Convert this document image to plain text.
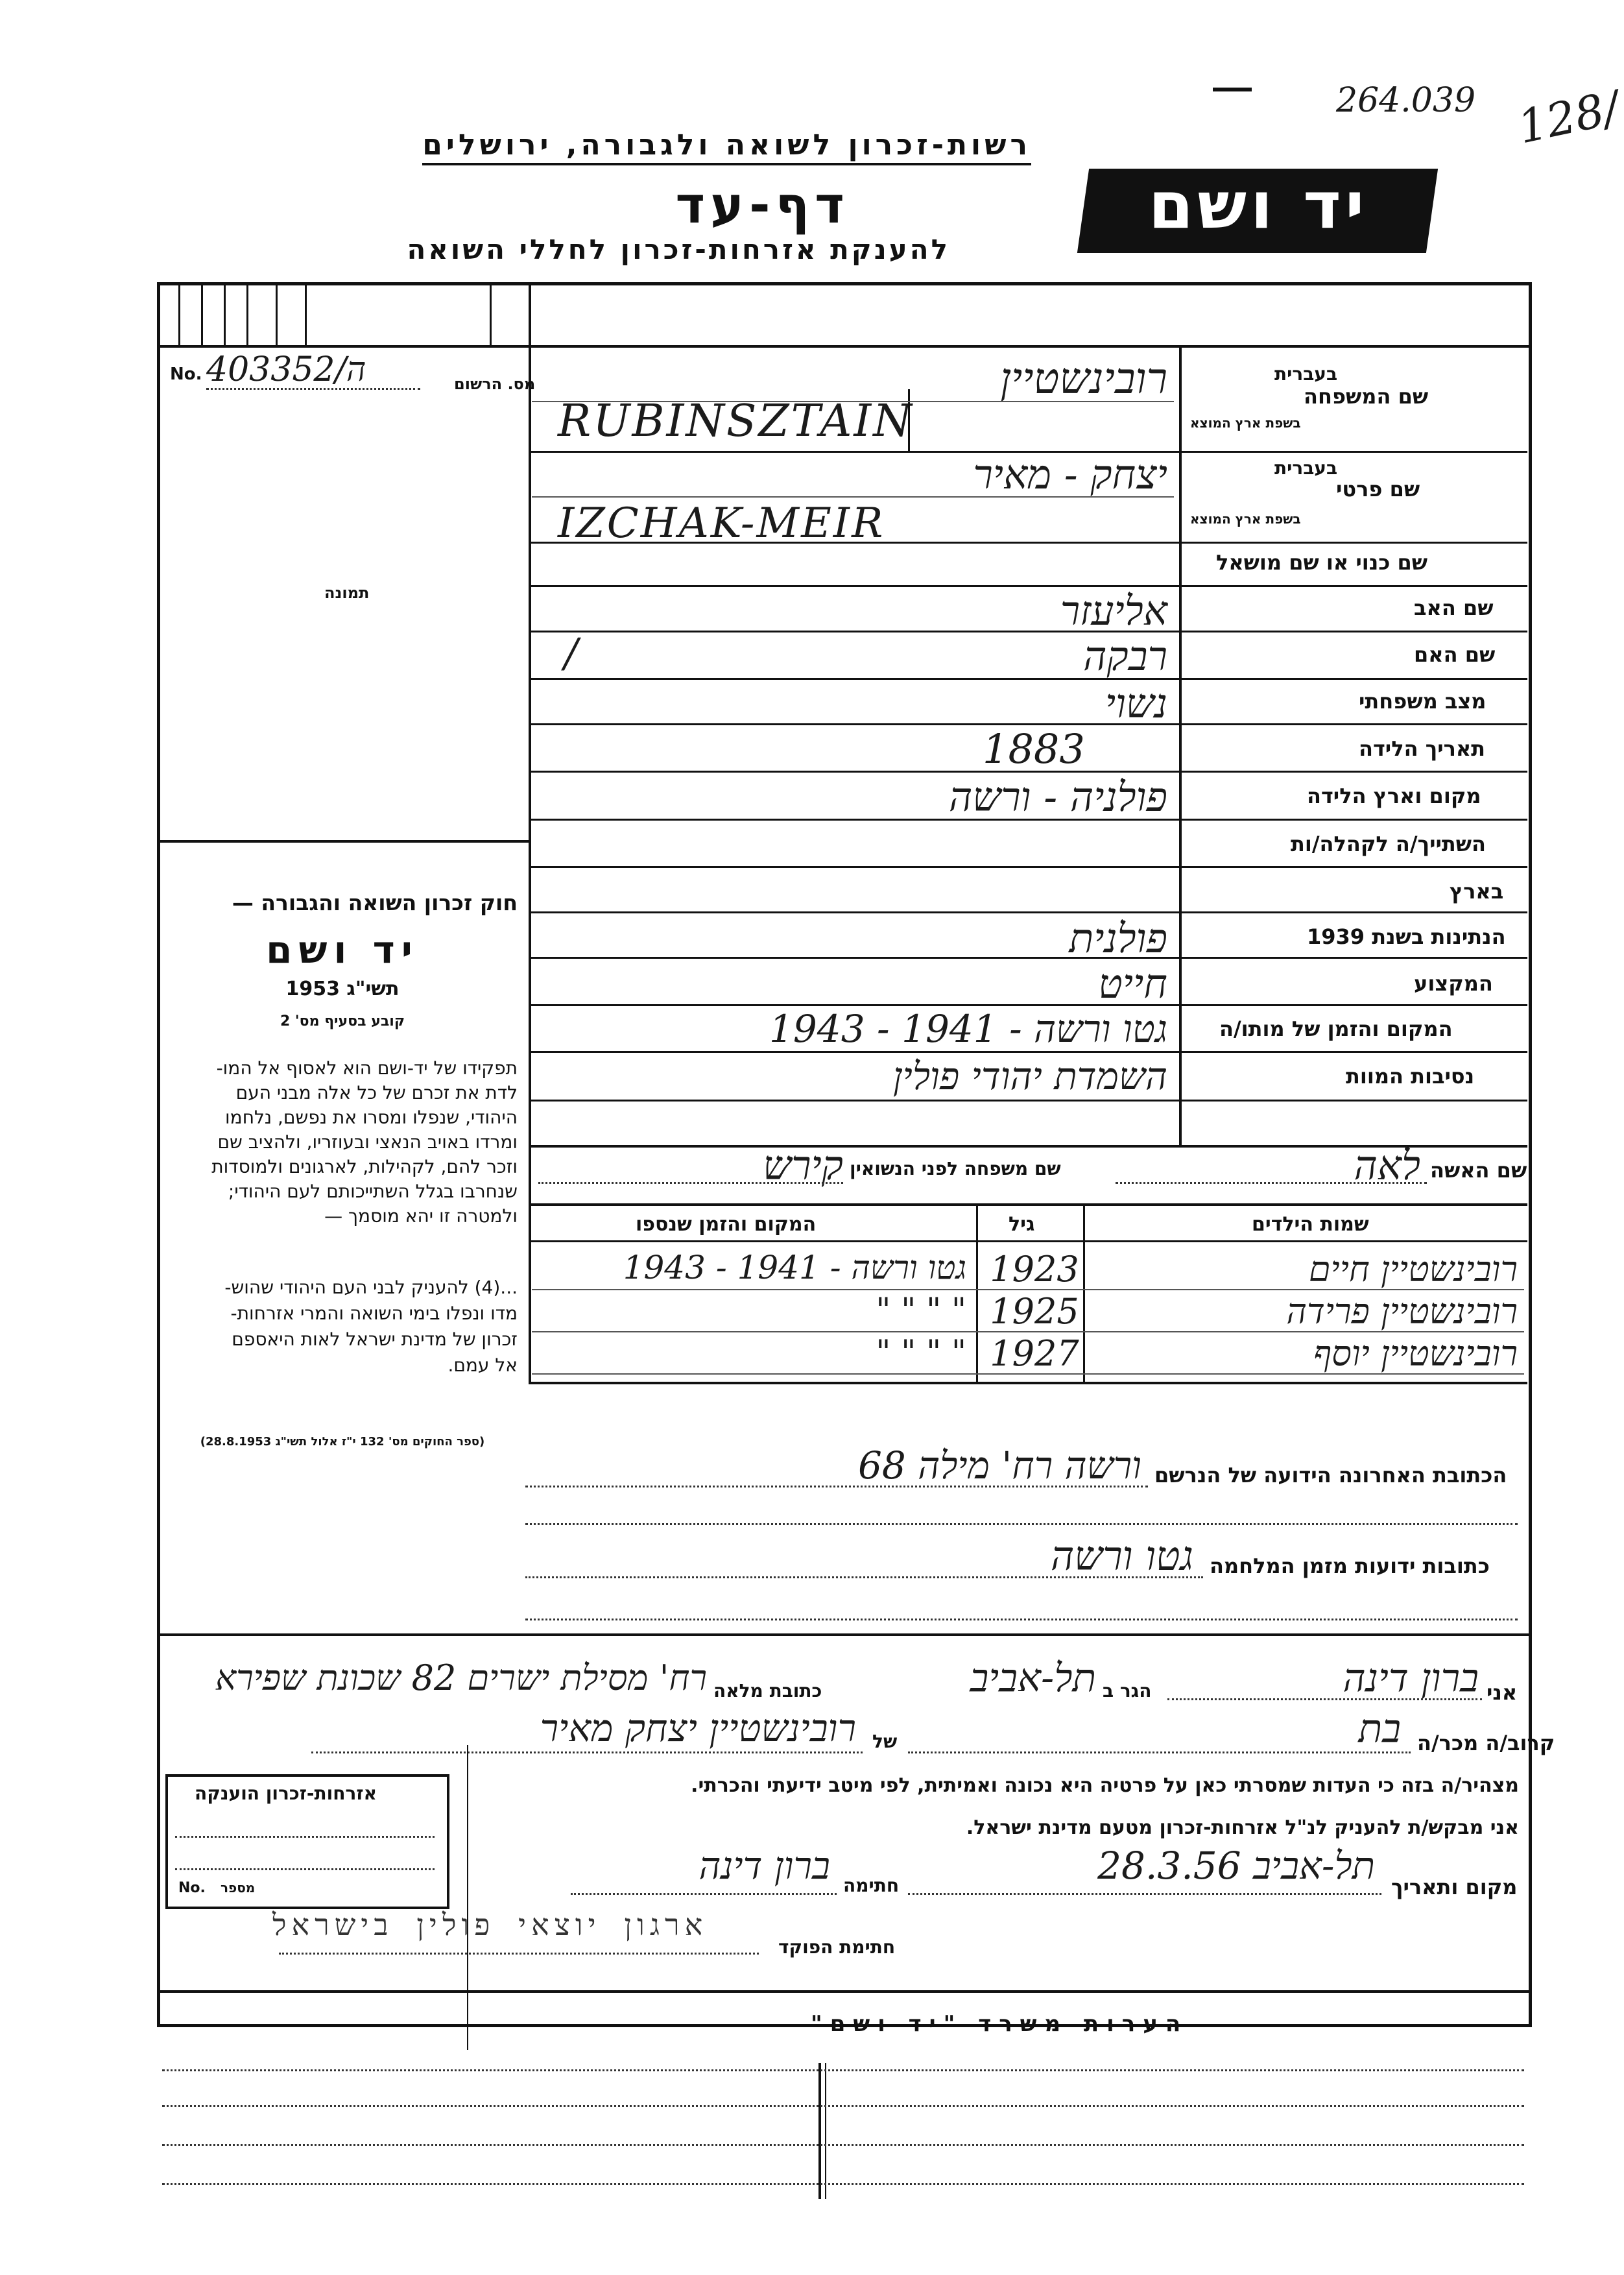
264.039 128/
רשות-זכרון לשואה ולגבורה, ירושלים
דף-עד
להענקת אזרחות-זכרון לחללי השואה
יד ושם
No. 403352/ה	מס. הרשום
תמונה
חוק זכרון השואה והגבורה —
יד ושם
תשי"ג 1953
קובע בסעיף מס' 2
תפקידו של יד-ושם הוא לאסוף אל המו-
לדת את זכרם של כל אלה מבני העם
היהודי, שנפלו ומסרו את נפשם, נלחמו
ומרדו באויב הנאצי ובעוזריו, ולהציב שם
וזכר להם, לקהילות, לארגונים ולמוסדות
שנחרבו בגלל השתייכותם לעם היהודי;
ולמטרה זו יהא מוסמך —
...(4) להעניק לבני העם היהודי שהוש-
מדו ונפלו בימי השואה והמרי אזרחות-
זכרון של מדינת ישראל לאות היאספם
אל עמם.
(ספר החוקים מס' 132 י"ז אלול תשי"ג 28.8.1953)
שם המשפחה
בעברית
בשפת ארץ המוצא
רובינשטיין
RUBINSZTAIN
שם פרטי
בעברית
בשפת ארץ המוצא
יצחק - מאיר
IZCHAK-MEIR
שם כנוי או שם מושאל
שם האב
אליעזר
שם האם
רבקה
/
מצב משפחתי
נשוי
תאריך הלידה
1883
מקום וארץ הלידה
פולניה - ורשה
השתייך/ה לקהלה/ות
בארץ
הנתינות בשנת 1939
פולנית
המקצוע
חייט
המקום והזמן של מותו/ה
גטו ורשה - 1941 - 1943
נסיבות המוות
השמדת יהודי פולין
שם האשה
לאה
שם משפחה לפני הנשואין
קירש
שמות הילדים
גיל
המקום והזמן שנספו
רובינשטיין חיים
1923
גטו ורשה - 1941 - 1943
רובינשטיין פרידה
1925
" " " "
רובינשטיין יוסף
1927
" " " "
הכתובת האחרונה הידועה של הנרשם
ורשה רח' מילה 68
כתובות ידועות מזמן המלחמה
גטו ורשה
אני
ברון דינה
הגר ב
תל-אביב
כתובת מלאה
רח' מסילת ישרים 82 שכונת שפירא
קרוב/ה מכר/ה
בת
של
רובינשטיין יצחק מאיר
מצהיר/ה בזה כי העדות שמסרתי כאן על פרטיה היא נכונה ואמיתית, לפי מיטב ידיעתי והכרתי.
אני מבקש/ת להעניק לנ"ל אזרחות-זכרון מטעם מדינת ישראל.
מקום ותאריך
תל-אביב 28.3.56
חתימה
ברון דינה
ארגון יוצאי פולין בישראל
חתימת הפוקד
אזרחות-זכרון הוענקה
No. מספר
הערות משרד "יד ושם"
